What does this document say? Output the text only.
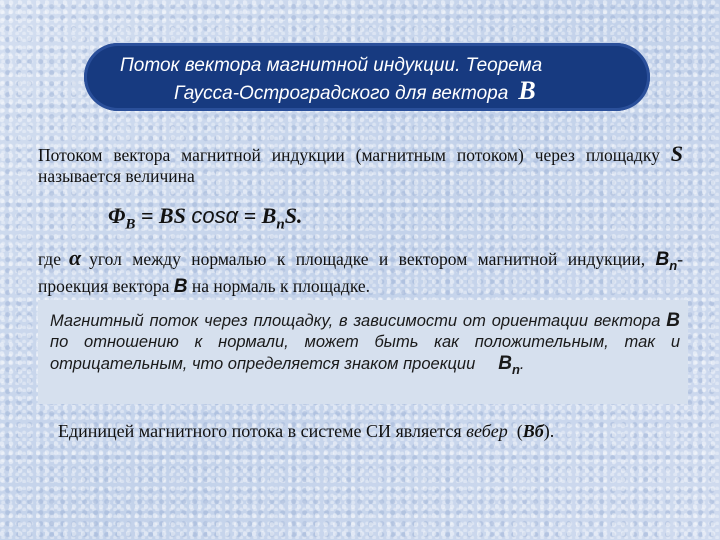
Поток вектора магнитной индукции. Теорема
Гаусса-Остроградского для вектора B
Потоком вектора магнитной индукции (магнитным потоком) через площадку S называется величина
$\Phi_B$ = BS $\cos\alpha = B_nS$.
где α угол между нормалью к площадке и вектором магнитной индукции, $B_n-$ проекция вектора B на нормаль к площадке.
Магнитный поток через площадку, в зависимости от ориентации вектора B по отношению к нормали, может быть как положительным, так и отрицательным, что определяется знаком проекции $B_n$.
Единицей магнитного потока в системе СИ является вебер (Вб).
